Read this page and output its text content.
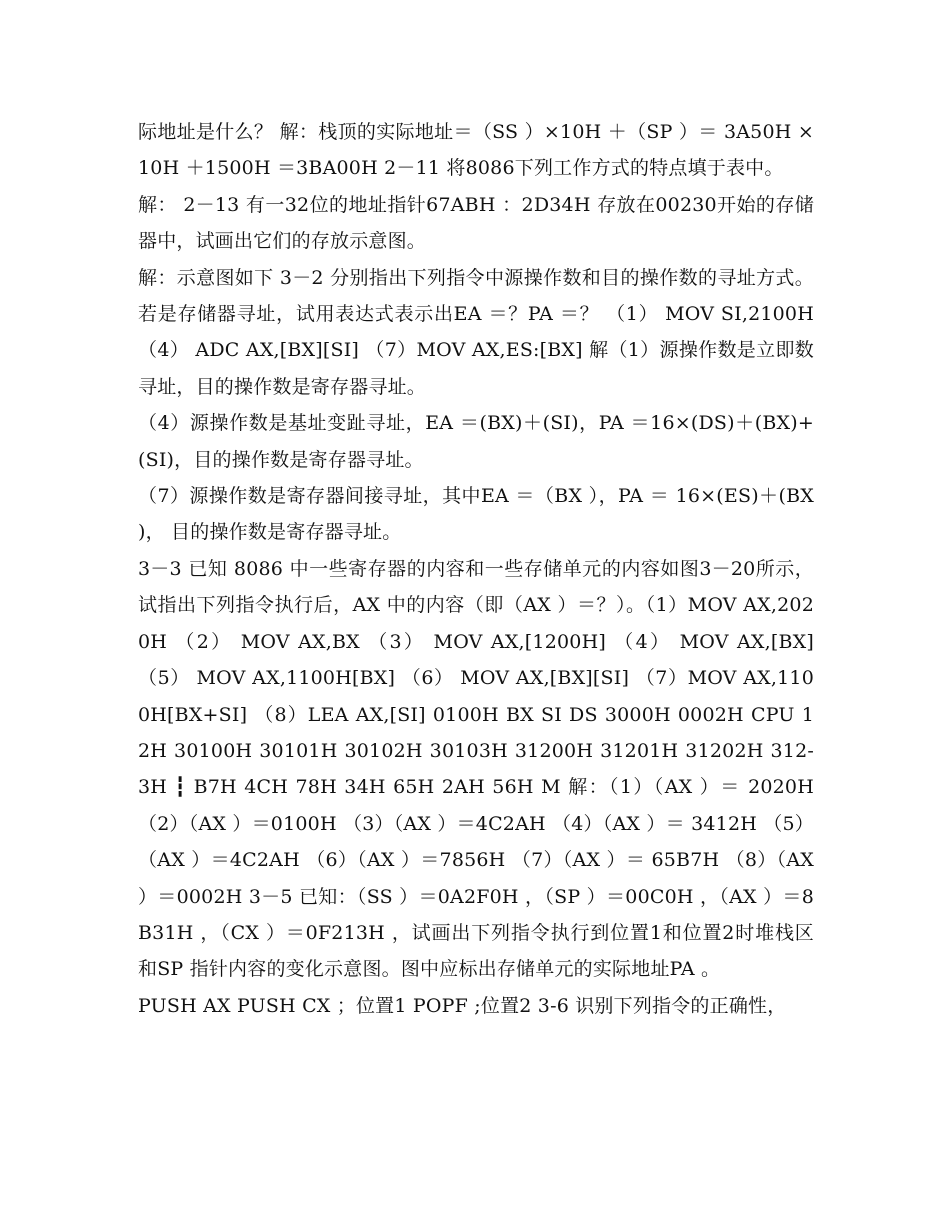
际地址是什么？ 解：栈顶的实际地址＝（SS ）×10H ＋（SP ）＝ 3A50H ×10H ＋1500H ＝3BA00H 2－11 将8086下列工作方式的特点填于表中。

解： 2－13 有一32位的地址指针67ABH ：2D34H 存放在00230开始的存储器中，试画出它们的存放示意图。

解：示意图如下 3－2 分别指出下列指令中源操作数和目的操作数的寻址方式。若是存储器寻址，试用表达式表示出EA ＝？PA ＝？ （1） MOV SI,2100H （4） ADC AX,[BX][SI] （7）MOV AX,ES:[BX] 解（1）源操作数是立即数寻址，目的操作数是寄存器寻址。

（4）源操作数是基址变趾寻址，EA ＝(BX)＋(SI)，PA ＝16×(DS)＋(BX)+(SI)，目的操作数是寄存器寻址。

（7）源操作数是寄存器间接寻址，其中EA ＝（BX ），PA ＝ 16×(ES)＋(BX )， 目的操作数是寄存器寻址。

3－3 已知 8086 中一些寄存器的内容和一些存储单元的内容如图3－20所示，试指出下列指令执行后，AX 中的内容（即（AX ）＝？）。（1）MOV AX,2020H （2） MOV AX,BX （3） MOV AX,[1200H] （4） MOV AX,[BX] （5） MOV AX,1100H[BX] （6） MOV AX,[BX][SI] （7）MOV AX,1100H[BX+SI] （8）LEA AX,[SI] 0100H BX SI DS 3000H 0002H CPU 12H 30100H 30101H 30102H 30103H 31200H 31201H 31202H 312-3H ┇ B7H 4CH 78H 34H 65H 2AH 56H M 解：（1）（AX ）＝ 2020H （2）（AX ）＝0100H （3）（AX ）＝4C2AH （4）（AX ）＝ 3412H （5）（AX ）＝4C2AH （6）（AX ）＝7856H （7）（AX ）＝ 65B7H （8）（AX ）＝0002H 3－5 已知：（SS ）＝0A2F0H ，（SP ）＝00C0H ，（AX ）＝8B31H ，（CX ）＝0F213H ，试画出下列指令执行到位置1和位置2时堆栈区和SP 指针内容的变化示意图。图中应标出存储单元的实际地址PA 。

PUSH AX PUSH CX ；位置1 POPF ;位置2 3-6 识别下列指令的正确性，
